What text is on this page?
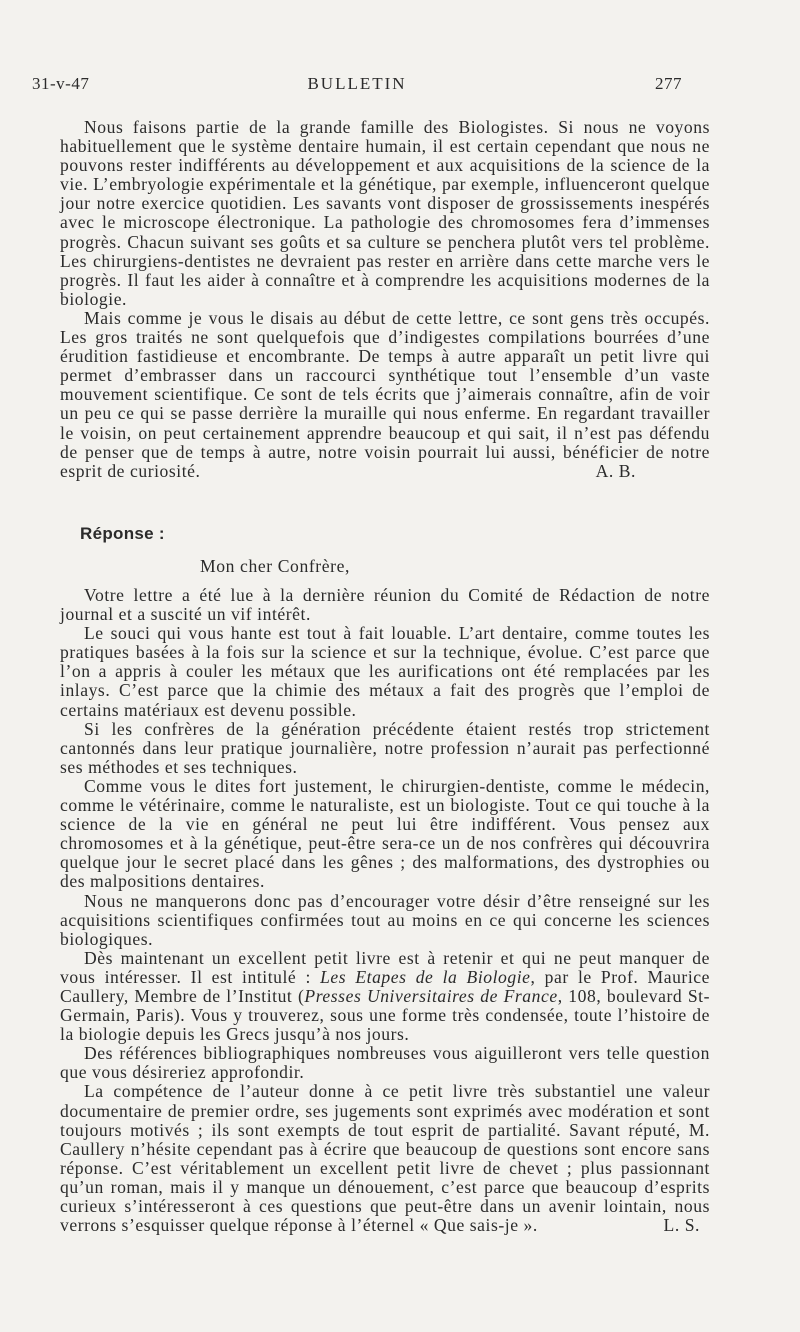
31-v-47	BULLETIN	277

Nous faisons partie de la grande famille des Biologistes. Si nous ne voyons habituellement que le système dentaire humain, il est certain cependant que nous ne pouvons rester indifférents au développement et aux acquisitions de la science de la vie. L’embryologie expérimentale et la génétique, par exemple, influenceront quelque jour notre exercice quotidien. Les savants vont disposer de grossissements inespérés avec le microscope électronique. La pathologie des chromosomes fera d’immenses progrès. Chacun suivant ses goûts et sa culture se penchera plutôt vers tel problème. Les chirurgiens-dentistes ne devraient pas rester en arrière dans cette marche vers le progrès. Il faut les aider à connaître et à comprendre les acquisitions modernes de la biologie.

Mais comme je vous le disais au début de cette lettre, ce sont gens très occupés. Les gros traités ne sont quelquefois que d’indigestes compilations bourrées d’une érudition fastidieuse et encombrante. De temps à autre apparaît un petit livre qui permet d’embrasser dans un raccourci synthétique tout l’ensemble d’un vaste mouvement scientifique. Ce sont de tels écrits que j’aimerais connaître, afin de voir un peu ce qui se passe derrière la muraille qui nous enferme. En regardant travailler le voisin, on peut certainement apprendre beaucoup et qui sait, il n’est pas défendu de penser que de temps à autre, notre voisin pourrait lui aussi, bénéficier de notre esprit de curiosité.	A. B.

Réponse :
Mon cher Confrère,

Votre lettre a été lue à la dernière réunion du Comité de Rédaction de notre journal et a suscité un vif intérêt.

Le souci qui vous hante est tout à fait louable. L’art dentaire, comme toutes les pratiques basées à la fois sur la science et sur la technique, évolue. C’est parce que l’on a appris à couler les métaux que les aurifications ont été remplacées par les inlays. C’est parce que la chimie des métaux a fait des progrès que l’emploi de certains matériaux est devenu possible.

Si les confrères de la génération précédente étaient restés trop strictement cantonnés dans leur pratique journalière, notre profession n’aurait pas perfectionné ses méthodes et ses techniques.

Comme vous le dites fort justement, le chirurgien-dentiste, comme le médecin, comme le vétérinaire, comme le naturaliste, est un biologiste. Tout ce qui touche à la science de la vie en général ne peut lui être indifférent. Vous pensez aux chromosomes et à la génétique, peut-être sera-ce un de nos confrères qui découvrira quelque jour le secret placé dans les gênes ; des malformations, des dystrophies ou des malpositions dentaires.

Nous ne manquerons donc pas d’encourager votre désir d’être renseigné sur les acquisitions scientifiques confirmées tout au moins en ce qui concerne les sciences biologiques.

Dès maintenant un excellent petit livre est à retenir et qui ne peut manquer de vous intéresser. Il est intitulé : Les Etapes de la Biologie, par le Prof. Maurice Caullery, Membre de l’Institut (Presses Universitaires de France, 108, boulevard St-Germain, Paris). Vous y trouverez, sous une forme très condensée, toute l’histoire de la biologie depuis les Grecs jusqu’à nos jours.

Des références bibliographiques nombreuses vous aiguilleront vers telle question que vous désireriez approfondir.

La compétence de l’auteur donne à ce petit livre très substantiel une valeur documentaire de premier ordre, ses jugements sont exprimés avec modération et sont toujours motivés ; ils sont exempts de tout esprit de partialité. Savant réputé, M. Caullery n’hésite cependant pas à écrire que beaucoup de questions sont encore sans réponse. C’est véritablement un excellent petit livre de chevet ; plus passionnant qu’un roman, mais il y manque un dénouement, c’est parce que beaucoup d’esprits curieux s’intéresseront à ces questions que peut-être dans un avenir lointain, nous verrons s’esquisser quelque réponse à l’éternel « Que sais-je ».	L. S.
